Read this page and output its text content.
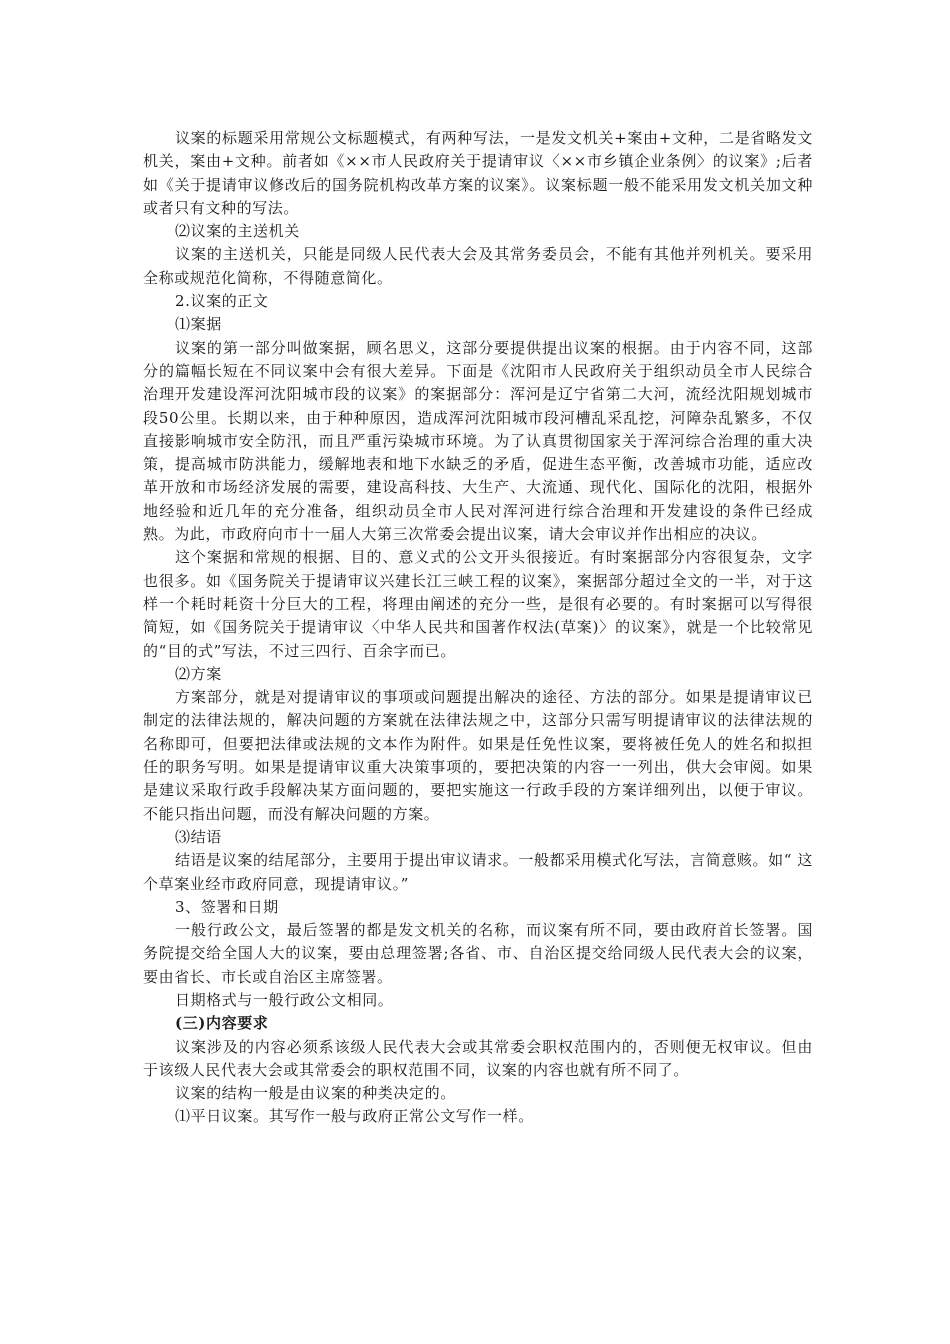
议案的标题采用常规公文标题模式，有两种写法，一是发文机关+案由+文种，二是省略发文机关，案由+文种。前者如《××市人民政府关于提请审议〈××市乡镇企业条例〉的议案》;后者如《关于提请审议修改后的国务院机构改革方案的议案》。议案标题一般不能采用发文机关加文种或者只有文种的写法。

⑵议案的主送机关

议案的主送机关，只能是同级人民代表大会及其常务委员会，不能有其他并列机关。要采用全称或规范化简称，不得随意简化。

2.议案的正文

⑴案据

议案的第一部分叫做案据，顾名思义，这部分要提供提出议案的根据。由于内容不同，这部分的篇幅长短在不同议案中会有很大差异。下面是《沈阳市人民政府关于组织动员全市人民综合治理开发建设浑河沈阳城市段的议案》的案据部分：浑河是辽宁省第二大河，流经沈阳规划城市段50公里。长期以来，由于种种原因，造成浑河沈阳城市段河槽乱采乱挖，河障杂乱繁多，不仅直接影响城市安全防汛，而且严重污染城市环境。为了认真贯彻国家关于浑河综合治理的重大决策，提高城市防洪能力，缓解地表和地下水缺乏的矛盾，促进生态平衡，改善城市功能，适应改革开放和市场经济发展的需要，建设高科技、大生产、大流通、现代化、国际化的沈阳，根据外地经验和近几年的充分准备，组织动员全市人民对浑河进行综合治理和开发建设的条件已经成熟。为此，市政府向市十一届人大第三次常委会提出议案，请大会审议并作出相应的决议。

这个案据和常规的根据、目的、意义式的公文开头很接近。有时案据部分内容很复杂，文字也很多。如《国务院关于提请审议兴建长江三峡工程的议案》，案据部分超过全文的一半，对于这样一个耗时耗资十分巨大的工程，将理由阐述的充分一些，是很有必要的。有时案据可以写得很简短，如《国务院关于提请审议〈中华人民共和国著作权法(草案)〉的议案》，就是一个比较常见的“目的式”写法，不过三四行、百余字而已。

⑵方案

方案部分，就是对提请审议的事项或问题提出解决的途径、方法的部分。如果是提请审议已制定的法律法规的，解决问题的方案就在法律法规之中，这部分只需写明提请审议的法律法规的名称即可，但要把法律或法规的文本作为附件。如果是任免性议案，要将被任免人的姓名和拟担任的职务写明。如果是提请审议重大决策事项的，要把决策的内容一一列出，供大会审阅。如果是建议采取行政手段解决某方面问题的，要把实施这一行政手段的方案详细列出，以便于审议。不能只指出问题，而没有解决问题的方案。

⑶结语

结语是议案的结尾部分，主要用于提出审议请求。一般都采用模式化写法，言简意赅。如“ 这个草案业经市政府同意，现提请审议。”

3、签署和日期

一般行政公文，最后签署的都是发文机关的名称，而议案有所不同，要由政府首长签署。国务院提交给全国人大的议案，要由总理签署;各省、市、自治区提交给同级人民代表大会的议案，要由省长、市长或自治区主席签署。

日期格式与一般行政公文相同。

(三)内容要求

议案涉及的内容必须系该级人民代表大会或其常委会职权范围内的，否则便无权审议。但由于该级人民代表大会或其常委会的职权范围不同，议案的内容也就有所不同了。

议案的结构一般是由议案的种类决定的。

⑴平日议案。其写作一般与政府正常公文写作一样。
